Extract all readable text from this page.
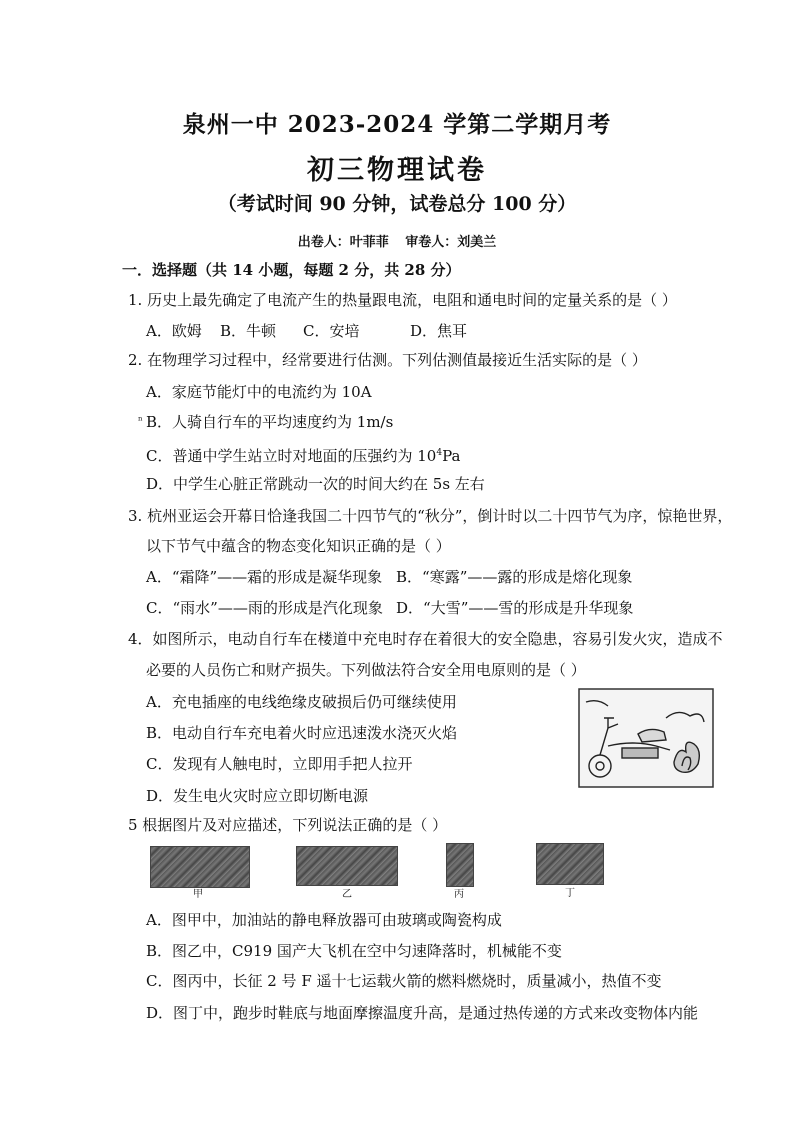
泉州一中 2023-2024 学第二学期月考
初三物理试卷
（考试时间 90 分钟，试卷总分 100 分）
出卷人：叶菲菲 审卷人：刘美兰
一．选择题（共 14 小题，每题 2 分，共 28 分）
1. 历史上最先确定了电流产生的热量跟电流，电阻和通电时间的定量关系的是（ ）
A．欧姆 B．牛顿 C．安培	D．焦耳
2. 在物理学习过程中，经常要进行估测。下列估测值最接近生活实际的是（ ）
A．家庭节能灯中的电流约为 10A
ⁿ B．人骑自行车的平均速度约为 1m/s
C．普通中学生站立时对地面的压强约为 $10^4Pa$
D．中学生心脏正常跳动一次的时间大约在 5s 左右
3. 杭州亚运会开幕日恰逢我国二十四节气的“秋分”，倒计时以二十四节气为序，惊艳世界，
以下节气中蕴含的物态变化知识正确的是（ ）
A．“霜降”——霜的形成是凝华现象 B．“寒露”——露的形成是熔化现象
C．“雨水”——雨的形成是汽化现象 D．“大雪”——雪的形成是升华现象
4．如图所示，电动自行车在楼道中充电时存在着很大的安全隐患，容易引发火灾，造成不
必要的人员伤亡和财产损失。下列做法符合安全用电原则的是（ ）
A．充电插座的电线绝缘皮破损后仍可继续使用
B．电动自行车充电着火时应迅速泼水浇灭火焰
C．发现有人触电时，立即用手把人拉开
D．发生电火灾时应立即切断电源
5 根据图片及对应描述，下列说法正确的是（ ）
甲	乙	丙	丁
A．图甲中，加油站的静电释放器可由玻璃或陶瓷构成
B．图乙中，C919 国产大飞机在空中匀速降落时，机械能不变
C．图丙中，长征 2 号 F 遥十七运载火箭的燃料燃烧时，质量减小，热值不变
D．图丁中，跑步时鞋底与地面摩擦温度升高，是通过热传递的方式来改变物体内能
